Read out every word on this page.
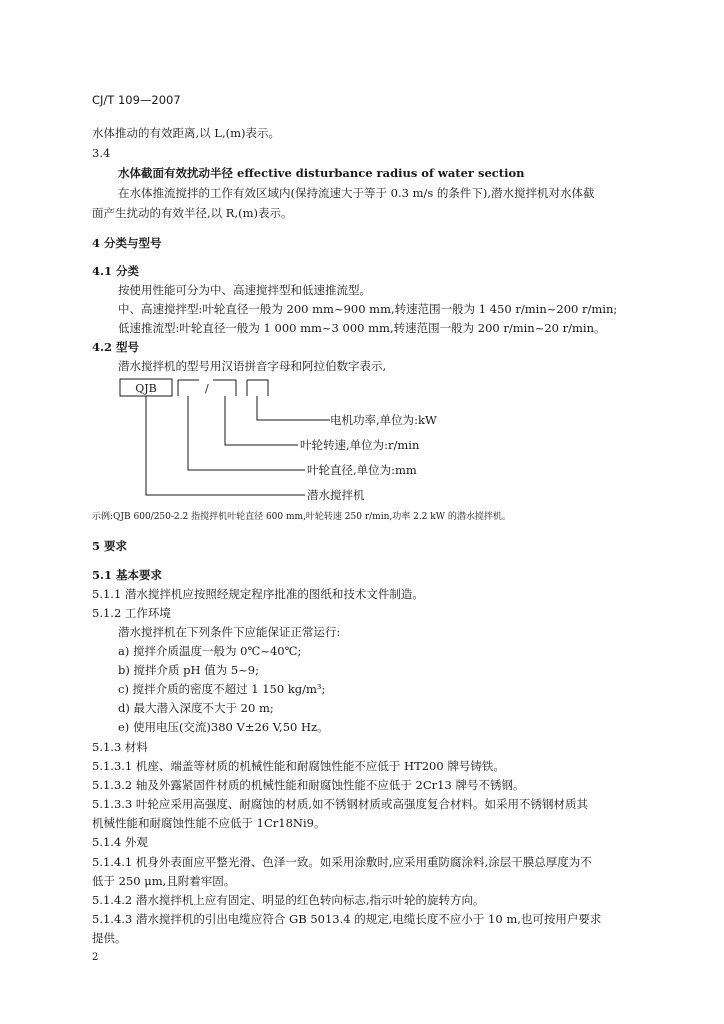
CJ/T 109—2007
水体推动的有效距离,以 L,(m)表示。
3.4
水体截面有效扰动半径 effective disturbance radius of water section
在水体推流搅拌的工作有效区域内(保持流速大于等于 0.3 m/s 的条件下),潜水搅拌机对水体截
面产生扰动的有效半径,以 R,(m)表示。
4 分类与型号
4.1 分类
按使用性能可分为中、高速搅拌型和低速推流型。
中、高速搅拌型:叶轮直径一般为 200 mm~900 mm,转速范围一般为 1 450 r/min~200 r/min;
低速推流型:叶轮直径一般为 1 000 mm~3 000 mm,转速范围一般为 200 r/min~20 r/min。
4.2 型号
潜水搅拌机的型号用汉语拼音字母和阿拉伯数字表示,
QJB	/
电机功率,单位为:kW
叶轮转速,单位为:r/min
叶轮直径,单位为:mm
潜水搅拌机
示例:QJB 600/250-2.2 指搅拌机叶轮直径 600 mm,叶轮转速 250 r/min,功率 2.2 kW 的潜水搅拌机。
5 要求
5.1 基本要求
5.1.1 潜水搅拌机应按照经规定程序批准的图纸和技术文件制造。
5.1.2 工作环境
潜水搅拌机在下列条件下应能保证正常运行:
a) 搅拌介质温度一般为 0℃~40℃;
b) 搅拌介质 pH 值为 5~9;
c) 搅拌介质的密度不超过 1 150 kg/m³;
d) 最大潜入深度不大于 20 m;
e) 使用电压(交流)380 V±26 V,50 Hz。
5.1.3 材料
5.1.3.1 机座、端盖等材质的机械性能和耐腐蚀性能不应低于 HT200 牌号铸铁。
5.1.3.2 轴及外露紧固件材质的机械性能和耐腐蚀性能不应低于 2Cr13 牌号不锈钢。
5.1.3.3 叶轮应采用高强度、耐腐蚀的材质,如不锈钢材质或高强度复合材料。如采用不锈钢材质其
机械性能和耐腐蚀性能不应低于 1Cr18Ni9。
5.1.4 外观
5.1.4.1 机身外表面应平整光滑、色泽一致。如采用涂敷时,应采用重防腐涂料,涂层干膜总厚度为不
低于 250 μm,且附着牢固。
5.1.4.2 潜水搅拌机上应有固定、明显的红色转向标志,指示叶轮的旋转方向。
5.1.4.3 潜水搅拌机的引出电缆应符合 GB 5013.4 的规定,电缆长度不应小于 10 m,也可按用户要求
提供。
2
